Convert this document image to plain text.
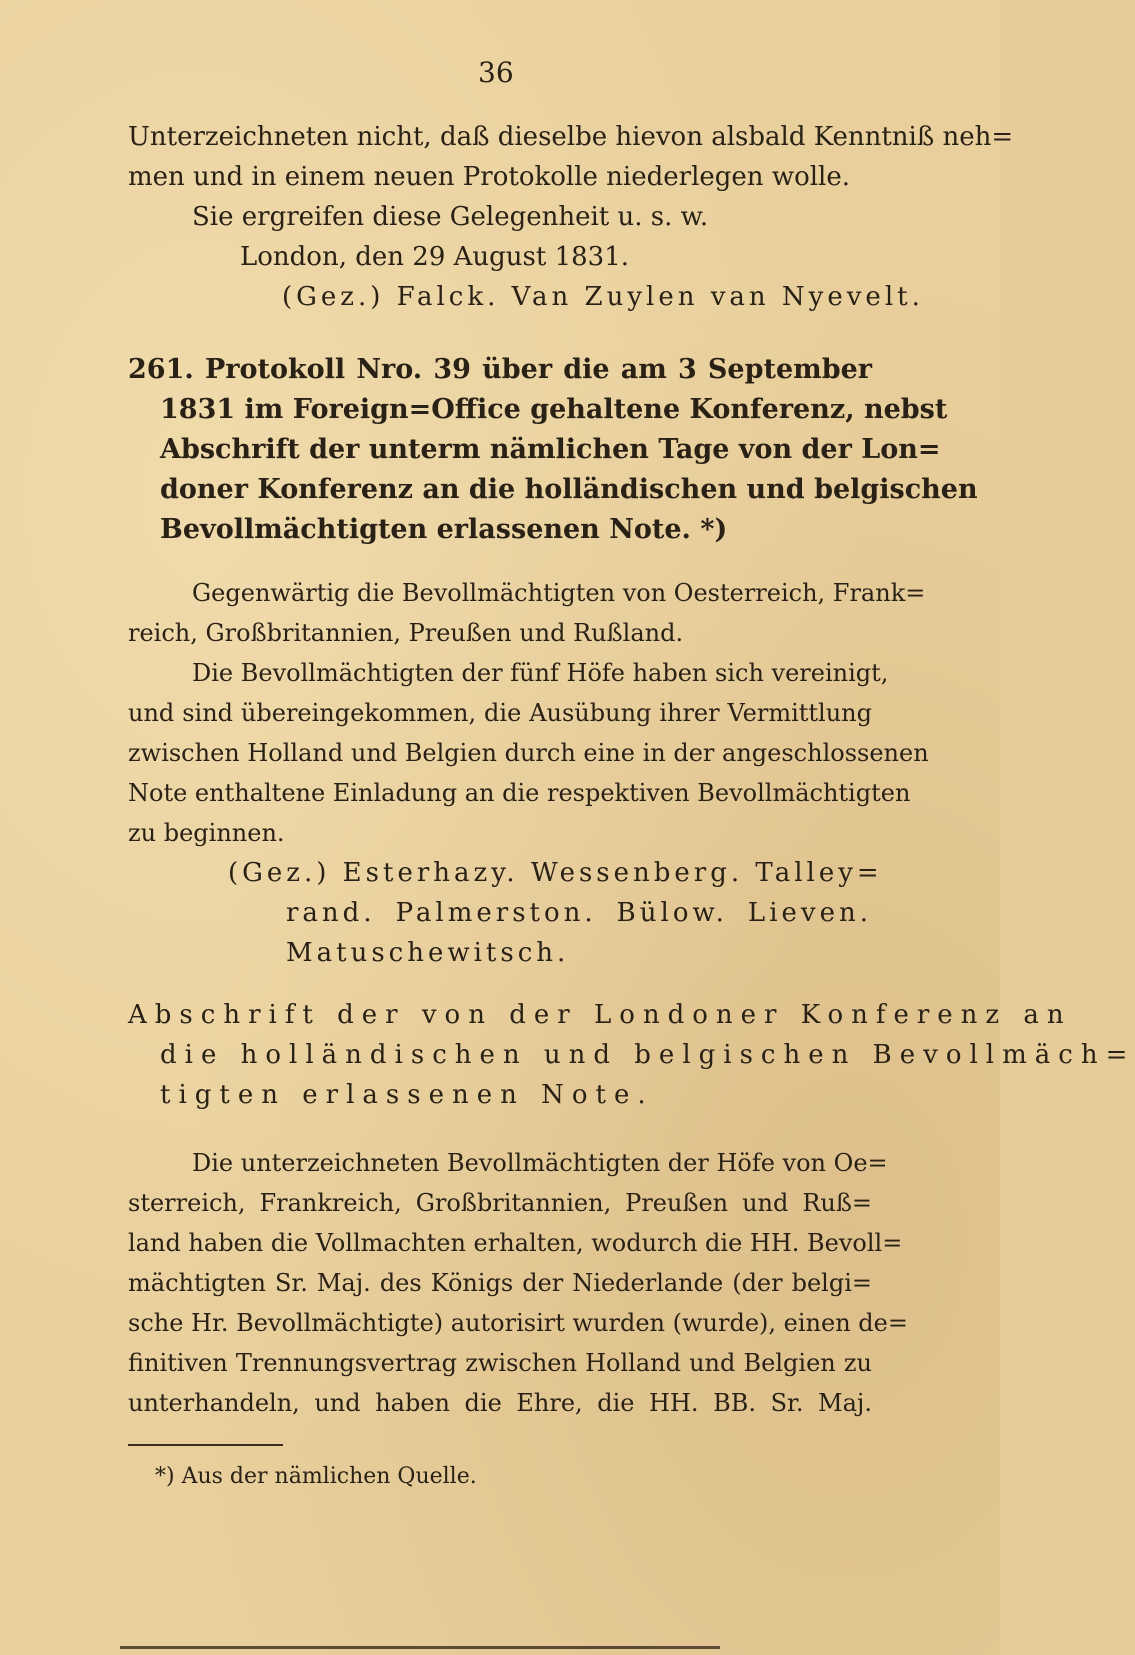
36
Unterzeichneten nicht, daß dieselbe hievon alsbald Kenntniß neh=
men und in einem neuen Protokolle niederlegen wolle.
Sie ergreifen diese Gelegenheit u. s. w.
London, den 29 August 1831.
(Gez.) Falck. Van Zuylen van Nyevelt.
261. Protokoll Nro. 39 über die am 3 September
1831 im Foreign=Office gehaltene Konferenz, nebst
Abschrift der unterm nämlichen Tage von der Lon=
doner Konferenz an die holländischen und belgischen
Bevollmächtigten erlassenen Note. *)
Gegenwärtig die Bevollmächtigten von Oesterreich, Frank=
reich, Großbritannien, Preußen und Rußland.
Die Bevollmächtigten der fünf Höfe haben sich vereinigt,
und sind übereingekommen, die Ausübung ihrer Vermittlung
zwischen Holland und Belgien durch eine in der angeschlossenen
Note enthaltene Einladung an die respektiven Bevollmächtigten
zu beginnen.
(Gez.) Esterhazy. Wessenberg. Talley=
rand. Palmerston. Bülow. Lieven.
Matuschewitsch.
Abschrift der von der Londoner Konferenz an
die holländischen und belgischen Bevollmäch=
tigten erlassenen Note.
Die unterzeichneten Bevollmächtigten der Höfe von Oe=
sterreich, Frankreich, Großbritannien, Preußen und Ruß=
land haben die Vollmachten erhalten, wodurch die HH. Bevoll=
mächtigten Sr. Maj. des Königs der Niederlande (der belgi=
sche Hr. Bevollmächtigte) autorisirt wurden (wurde), einen de=
finitiven Trennungsvertrag zwischen Holland und Belgien zu
unterhandeln, und haben die Ehre, die HH. BB. Sr. Maj.
*) Aus der nämlichen Quelle.
